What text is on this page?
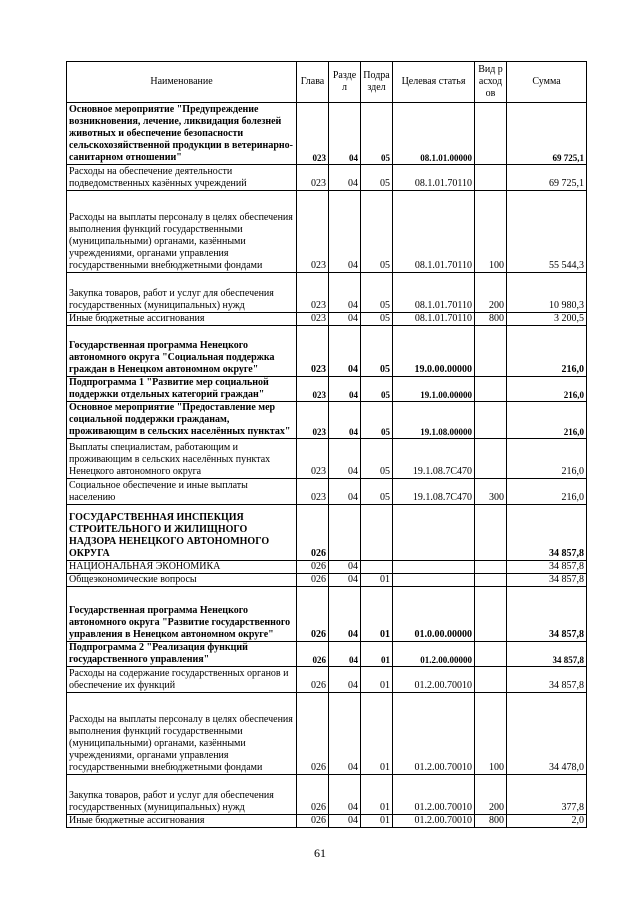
Наименование	Глава	Раздел	Подраздел	Целевая статья	Вид расходов	Сумма
Основное мероприятие "Предупреждение возникновения, лечение, ликвидация болезней животных и обеспечение безопасности сельскохозяйственной продукции в ветеринарно-санитарном отношении"	023	04	05	08.1.01.00000		69 725,1
Расходы на обеспечение деятельности подведомственных казённых учреждений	023	04	05	08.1.01.70110		69 725,1
Расходы на выплаты персоналу в целях обеспечения выполнения функций государственными (муниципальными) органами, казёнными учреждениями, органами управления государственными внебюджетными фондами	023	04	05	08.1.01.70110	100	55 544,3
Закупка товаров, работ и услуг для обеспечения государственных (муниципальных) нужд	023	04	05	08.1.01.70110	200	10 980,3
Иные бюджетные ассигнования	023	04	05	08.1.01.70110	800	3 200,5
Государственная программа Ненецкого автономного округа "Социальная поддержка граждан в Ненецком автономном округе"	023	04	05	19.0.00.00000		216,0
Подпрограмма 1 "Развитие мер социальной поддержки отдельных категорий граждан"	023	04	05	19.1.00.00000		216,0
Основное мероприятие "Предоставление мер социальной поддержки гражданам, проживающим в сельских населённых пунктах"	023	04	05	19.1.08.00000		216,0
Выплаты специалистам, работающим и проживающим в сельских населённых пунктах Ненецкого автономного округа	023	04	05	19.1.08.7С470		216,0
Социальное обеспечение и иные выплаты населению	023	04	05	19.1.08.7С470	300	216,0
ГОСУДАРСТВЕННАЯ ИНСПЕКЦИЯ СТРОИТЕЛЬНОГО И ЖИЛИЩНОГО НАДЗОРА НЕНЕЦКОГО АВТОНОМНОГО ОКРУГА	026					34 857,8
НАЦИОНАЛЬНАЯ ЭКОНОМИКА	026	04				34 857,8
Общеэкономические вопросы	026	04	01			34 857,8
Государственная программа Ненецкого автономного округа "Развитие государственного управления в Ненецком автономном округе"	026	04	01	01.0.00.00000		34 857,8
Подпрограмма 2 "Реализация функций государственного управления"	026	04	01	01.2.00.00000		34 857,8
Расходы на содержание государственных органов и обеспечение их функций	026	04	01	01.2.00.70010		34 857,8
Расходы на выплаты персоналу в целях обеспечения выполнения функций государственными (муниципальными) органами, казёнными учреждениями, органами управления государственными внебюджетными фондами	026	04	01	01.2.00.70010	100	34 478,0
Закупка товаров, работ и услуг для обеспечения государственных (муниципальных) нужд	026	04	01	01.2.00.70010	200	377,8
Иные бюджетные ассигнования	026	04	01	01.2.00.70010	800	2,0
61
